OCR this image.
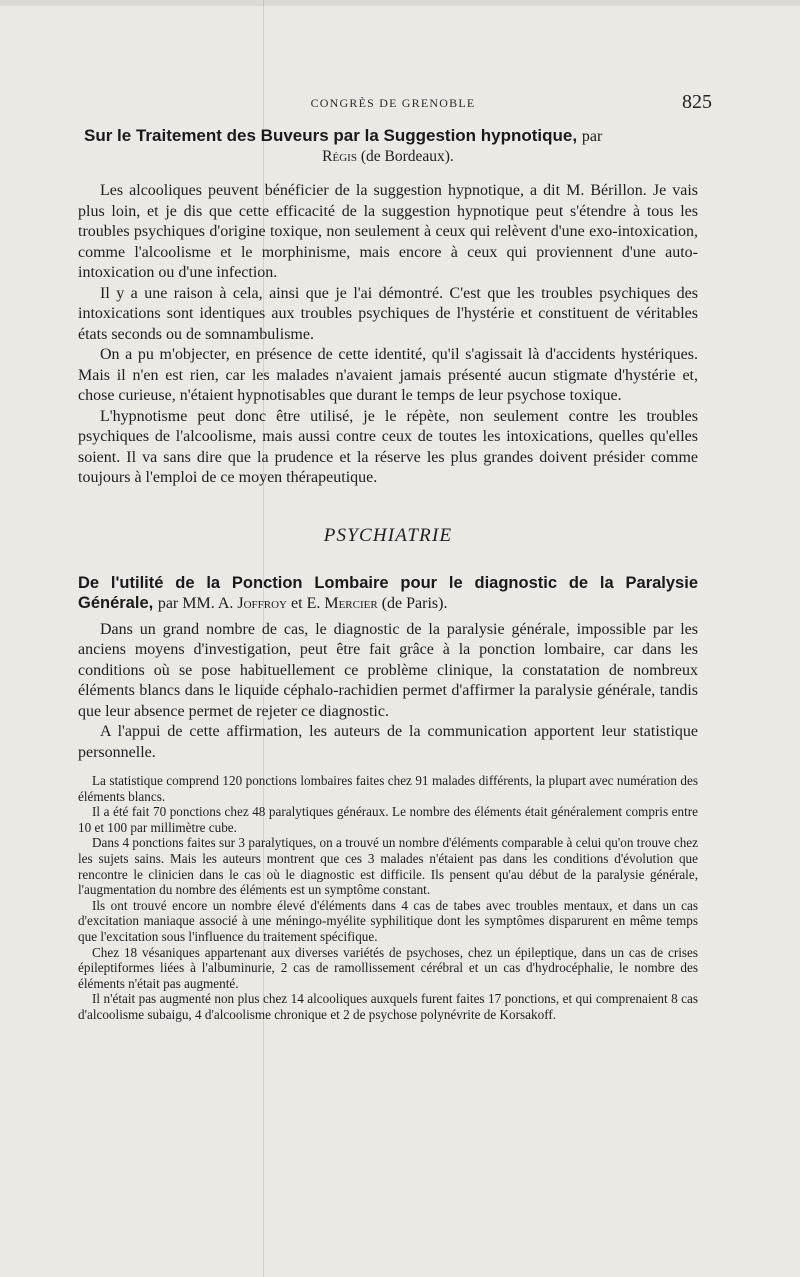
CONGRÈS DE GRENOBLE	825

Sur le Traitement des Buveurs par la Suggestion hypnotique, par

Régis (de Bordeaux).

Les alcooliques peuvent bénéficier de la suggestion hypnotique, a dit M. Bérillon. Je vais plus loin, et je dis que cette efficacité de la suggestion hypnotique peut s'étendre à tous les troubles psychiques d'origine toxique, non seulement à ceux qui relèvent d'une exo-intoxication, comme l'alcoolisme et le morphinisme, mais encore à ceux qui proviennent d'une auto-intoxication ou d'une infection.

Il y a une raison à cela, ainsi que je l'ai démontré. C'est que les troubles psychiques des intoxications sont identiques aux troubles psychiques de l'hystérie et constituent de véritables états seconds ou de somnambulisme.

On a pu m'objecter, en présence de cette identité, qu'il s'agissait là d'accidents hystériques. Mais il n'en est rien, car les malades n'avaient jamais présenté aucun stigmate d'hystérie et, chose curieuse, n'étaient hypnotisables que durant le temps de leur psychose toxique.

L'hypnotisme peut donc être utilisé, je le répète, non seulement contre les troubles psychiques de l'alcoolisme, mais aussi contre ceux de toutes les intoxications, quelles qu'elles soient. Il va sans dire que la prudence et la réserve les plus grandes doivent présider comme toujours à l'emploi de ce moyen thérapeutique.

PSYCHIATRIE

De l'utilité de la Ponction Lombaire pour le diagnostic de la Paralysie Générale, par MM. A. Joffroy et E. Mercier (de Paris).

Dans un grand nombre de cas, le diagnostic de la paralysie générale, impossible par les anciens moyens d'investigation, peut être fait grâce à la ponction lombaire, car dans les conditions où se pose habituellement ce problème clinique, la constatation de nombreux éléments blancs dans le liquide céphalo-rachidien permet d'affirmer la paralysie générale, tandis que leur absence permet de rejeter ce diagnostic.

A l'appui de cette affirmation, les auteurs de la communication apportent leur statistique personnelle.

La statistique comprend 120 ponctions lombaires faites chez 91 malades différents, la plupart avec numération des éléments blancs.

Il a été fait 70 ponctions chez 48 paralytiques généraux. Le nombre des éléments était généralement compris entre 10 et 100 par millimètre cube.

Dans 4 ponctions faites sur 3 paralytiques, on a trouvé un nombre d'éléments comparable à celui qu'on trouve chez les sujets sains. Mais les auteurs montrent que ces 3 malades n'étaient pas dans les conditions d'évolution que rencontre le clinicien dans le cas où le diagnostic est difficile. Ils pensent qu'au début de la paralysie générale, l'augmentation du nombre des éléments est un symptôme constant.

Ils ont trouvé encore un nombre élevé d'éléments dans 4 cas de tabes avec troubles mentaux, et dans un cas d'excitation maniaque associé à une méningo-myélite syphilitique dont les symptômes disparurent en même temps que l'excitation sous l'influence du traitement spécifique.

Chez 18 vésaniques appartenant aux diverses variétés de psychoses, chez un épileptique, dans un cas de crises épileptiformes liées à l'albuminurie, 2 cas de ramollissement cérébral et un cas d'hydrocéphalie, le nombre des éléments n'était pas augmenté.

Il n'était pas augmenté non plus chez 14 alcooliques auxquels furent faites 17 ponctions, et qui comprenaient 8 cas d'alcoolisme subaigu, 4 d'alcoolisme chronique et 2 de psychose polynévrite de Korsakoff.
